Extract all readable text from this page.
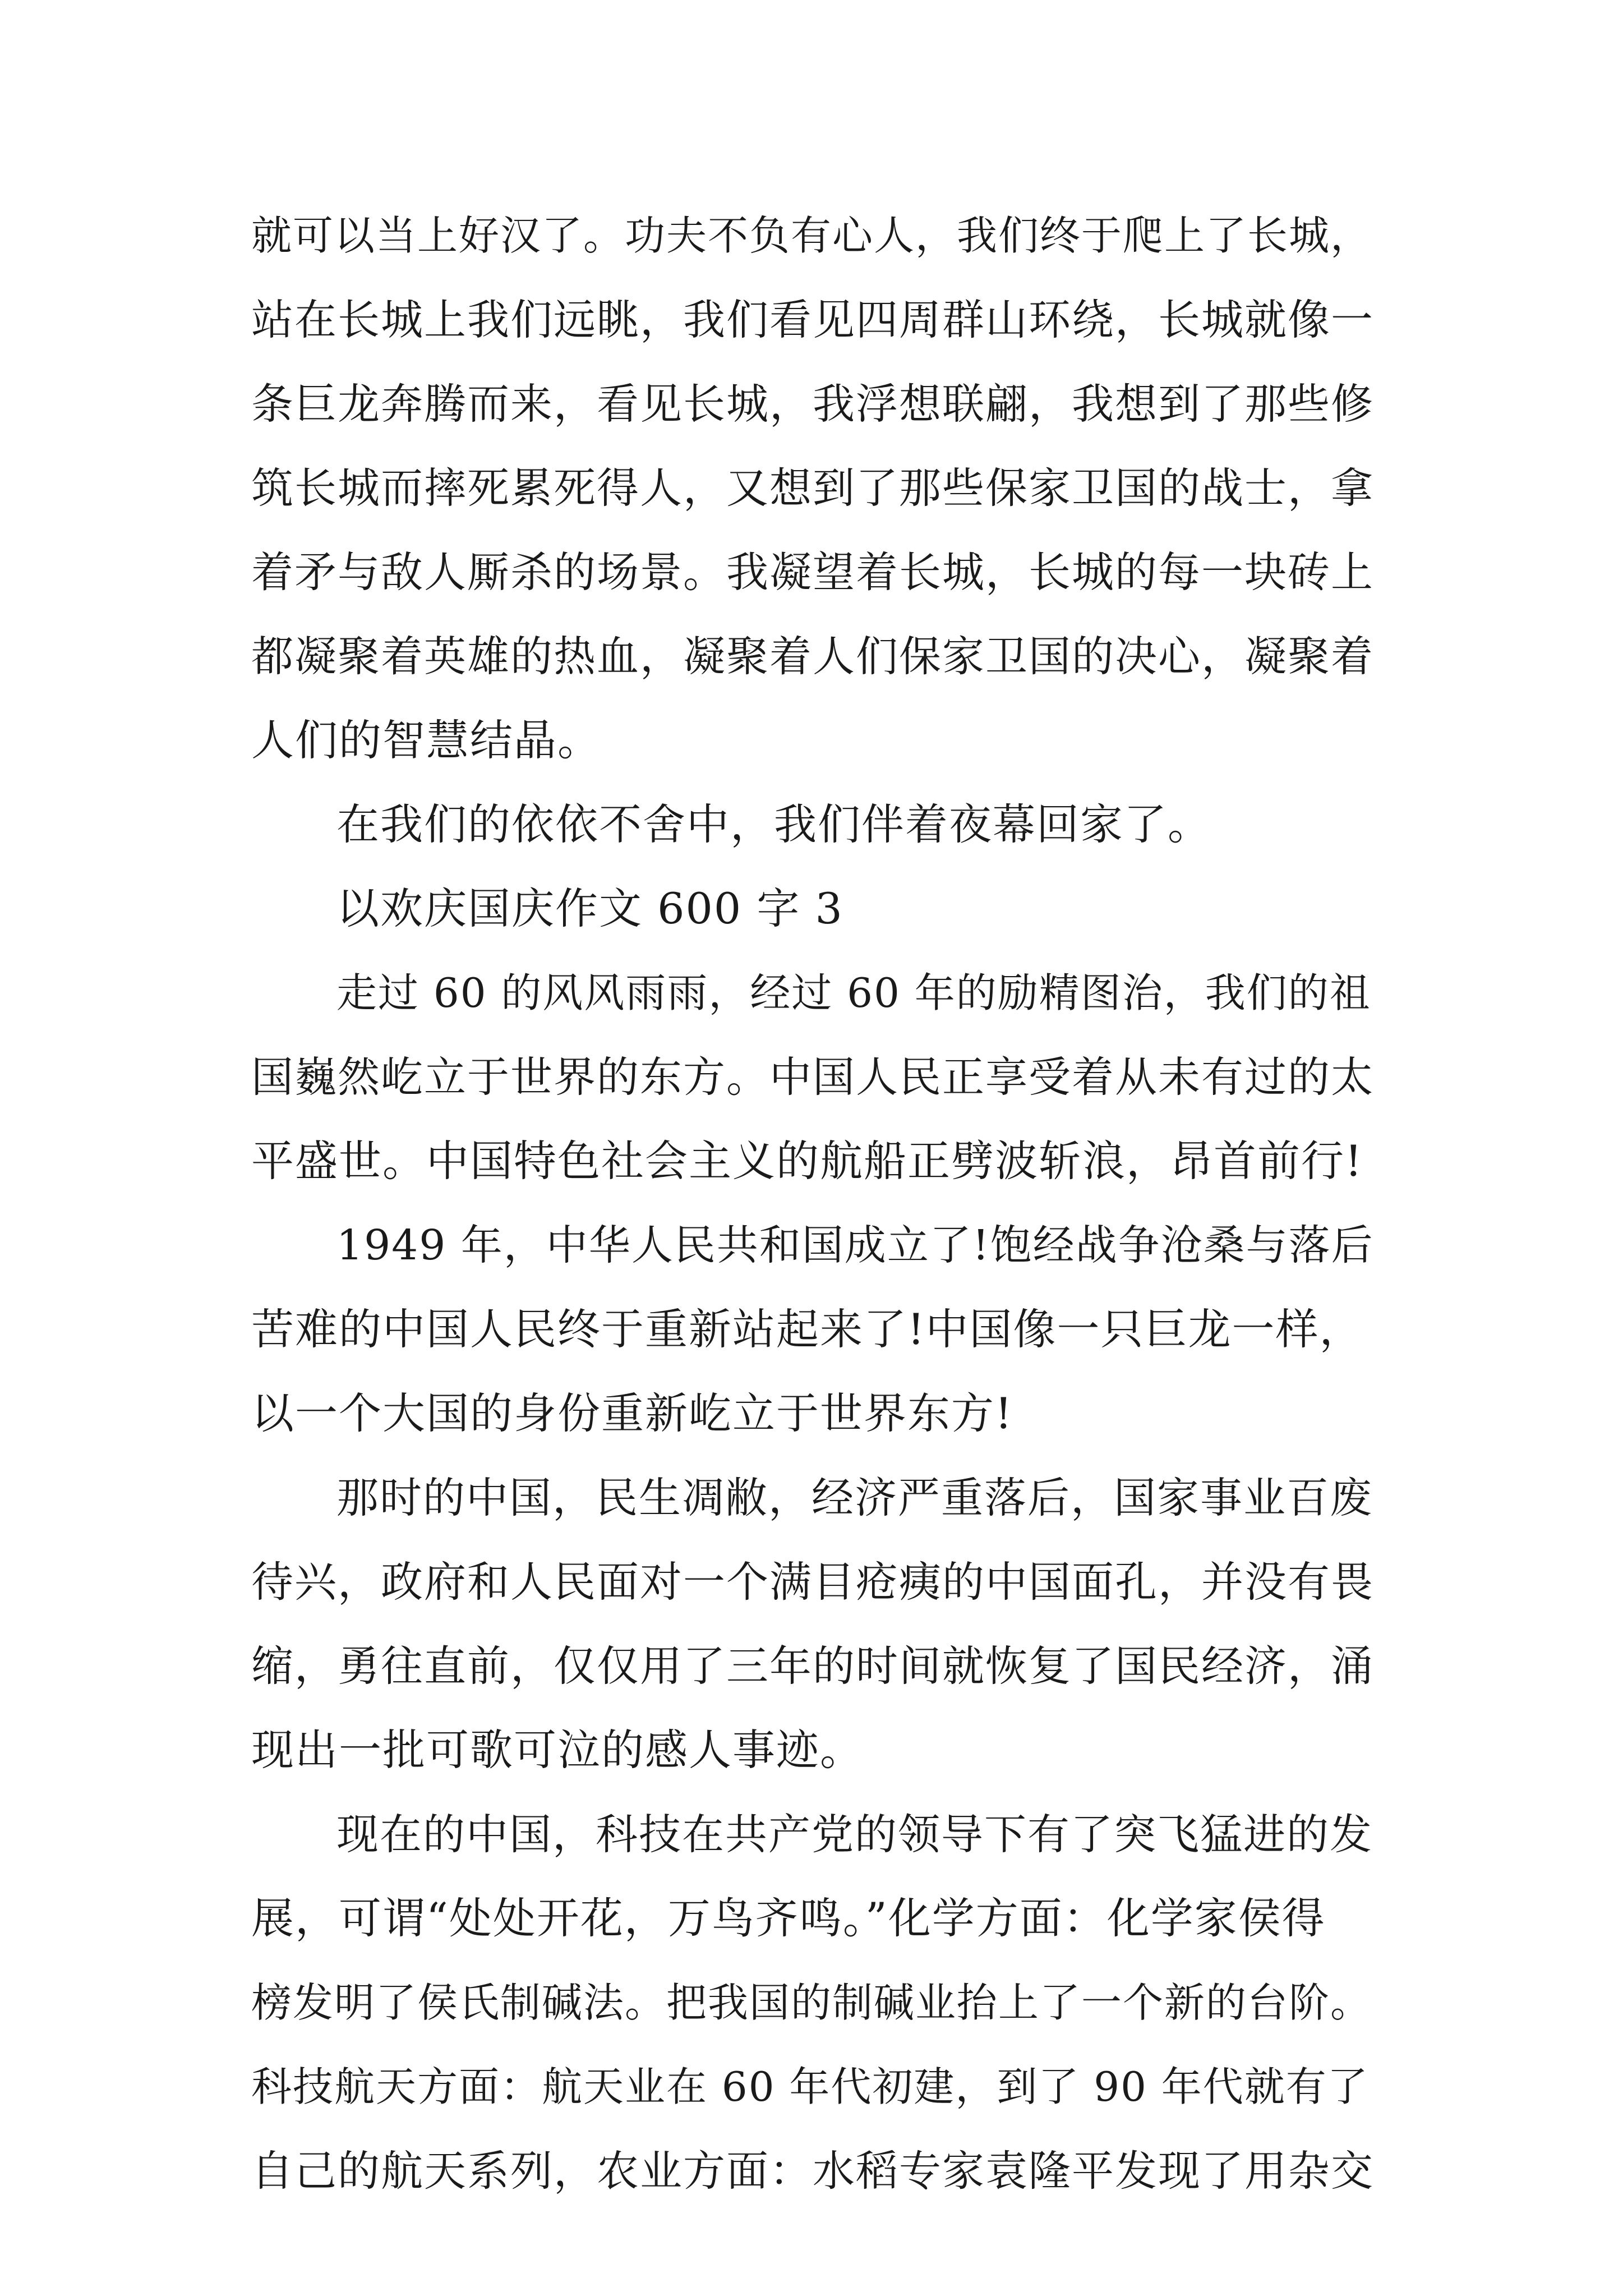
就可以当上好汉了。功夫不负有心人，我们终于爬上了长城，
站在长城上我们远眺，我们看见四周群山环绕，长城就像一
条巨龙奔腾而来，看见长城，我浮想联翩，我想到了那些修
筑长城而摔死累死得人，又想到了那些保家卫国的战士，拿
着矛与敌人厮杀的场景。我凝望着长城，长城的每一块砖上
都凝聚着英雄的热血，凝聚着人们保家卫国的决心，凝聚着
人们的智慧结晶。
在我们的依依不舍中，我们伴着夜幕回家了。
以欢庆国庆作文 600 字 3
走过 60 的风风雨雨，经过 60 年的励精图治，我们的祖
国巍然屹立于世界的东方。中国人民正享受着从未有过的太
平盛世。中国特色社会主义的航船正劈波斩浪，昂首前行!
1949 年，中华人民共和国成立了!饱经战争沧桑与落后
苦难的中国人民终于重新站起来了!中国像一只巨龙一样，
以一个大国的身份重新屹立于世界东方!
那时的中国，民生凋敝，经济严重落后，国家事业百废
待兴，政府和人民面对一个满目疮痍的中国面孔，并没有畏
缩，勇往直前，仅仅用了三年的时间就恢复了国民经济，涌
现出一批可歌可泣的感人事迹。
现在的中国，科技在共产党的领导下有了突飞猛进的发
展，可谓“处处开花，万鸟齐鸣。”化学方面：化学家侯得
榜发明了侯氏制碱法。把我国的制碱业抬上了一个新的台阶。
科技航天方面：航天业在 60 年代初建，到了 90 年代就有了
自己的航天系列，农业方面：水稻专家袁隆平发现了用杂交
